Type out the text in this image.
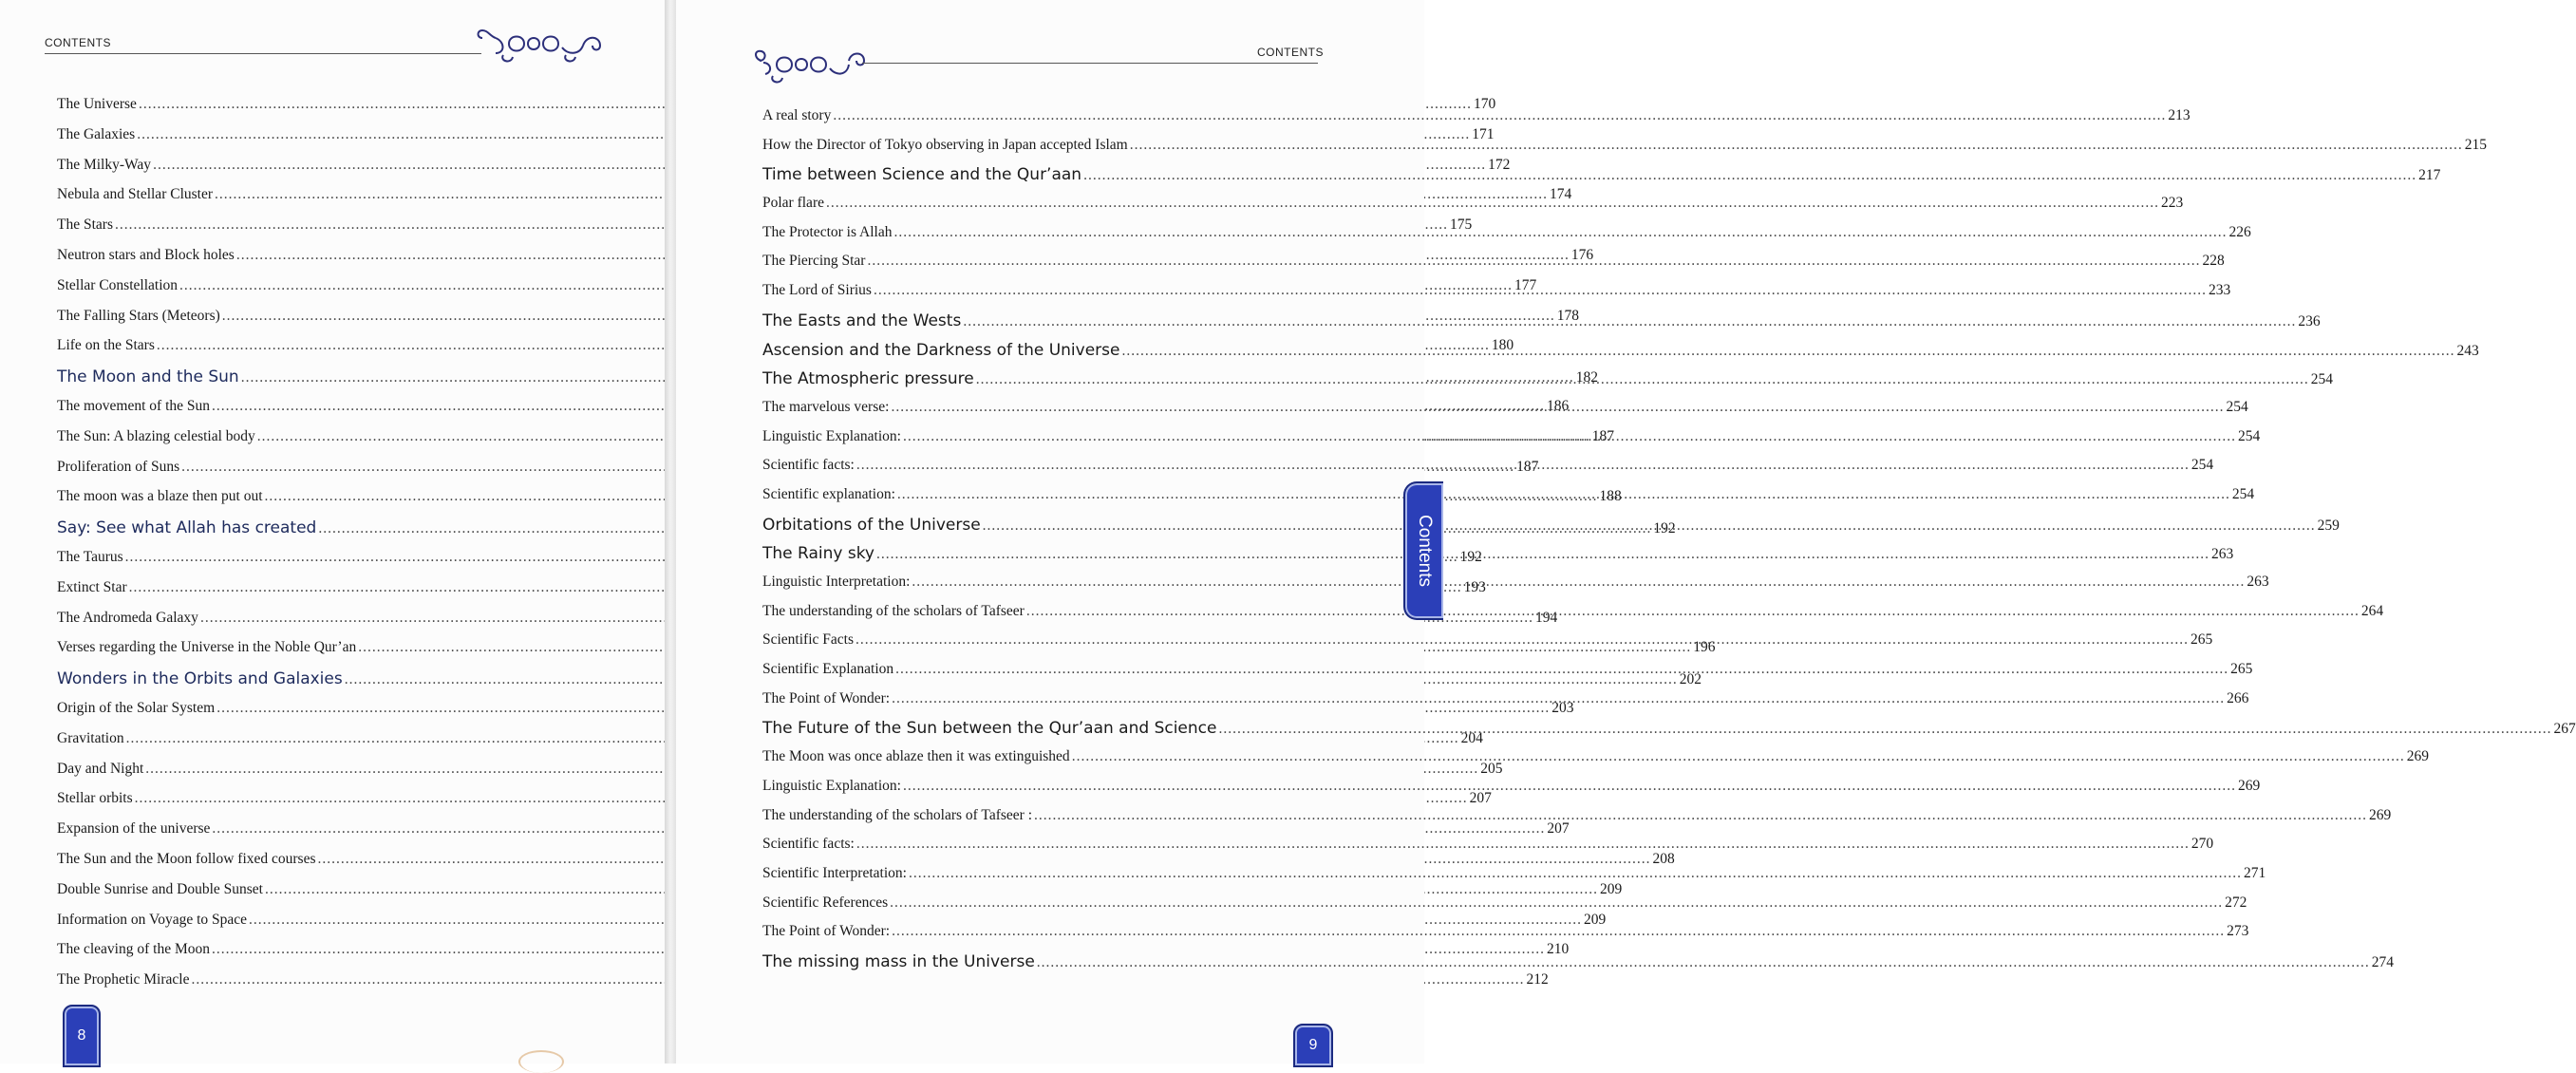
CONTENTS
The Universe .....	170
The Galaxies .....	171
The Milky-Way .....	172
Nebula and Stellar Cluster .....	174
The Stars .....	175
Neutron stars and Block holes .....	176
Stellar Constellation .....	177
The Falling Stars (Meteors) .....	178
Life on the Stars .....	180
The Moon and the Sun .....	182
The movement of the Sun .....	186
The Sun: A blazing celestial body .....	187
Proliferation of Suns .....	187
The moon was a blaze then put out .....	188
Say: See what Allah has created .....	192
The Taurus .....	192
Extinct Star .....	193
The Andromeda Galaxy .....	194
Verses regarding the Universe in the Noble Qur’an .....	196
Wonders in the Orbits and Galaxies .....	202
Origin of the Solar System .....	203
Gravitation .....	204
Day and Night .....	205
Stellar orbits .....	207
Expansion of the universe .....	207
The Sun and the Moon follow fixed courses .....	208
Double Sunrise and Double Sunset .....	209
Information on Voyage to Space .....	209
The cleaving of the Moon .....	210
The Prophetic Miracle .....	212
8
CONTENTS
A real story .....	213
How the Director of Tokyo observing in Japan accepted Islam .....	215
Time between Science and the Qur’aan .....	217
Polar flare .....	223
The Protector is Allah .....	226
The Piercing Star .....	228
The Lord of Sirius .....	233
The Easts and the Wests .....	236
Ascension and the Darkness of the Universe .....	243
The Atmospheric pressure .....	254
The marvelous verse: .....	254
Linguistic Explanation: .....	254
Scientific facts: .....	254
Scientific explanation: .....	254
Orbitations of the Universe .....	259
The Rainy sky .....	263
Linguistic Interpretation: .....	263
The understanding of the scholars of Tafseer .....	264
Scientific Facts .....	265
Scientific Explanation .....	265
The Point of Wonder: .....	266
The Future of the Sun between the Qur’aan and Science .....	267
The Moon was once ablaze then it was extinguished .....	269
Linguistic Explanation: .....	269
The understanding of the scholars of Tafseer : .....	269
Scientific facts: .....	270
Scientific Interpretation: .....	271
Scientific References .....	272
The Point of Wonder: .....	273
The missing mass in the Universe .....	274
Contents
9
